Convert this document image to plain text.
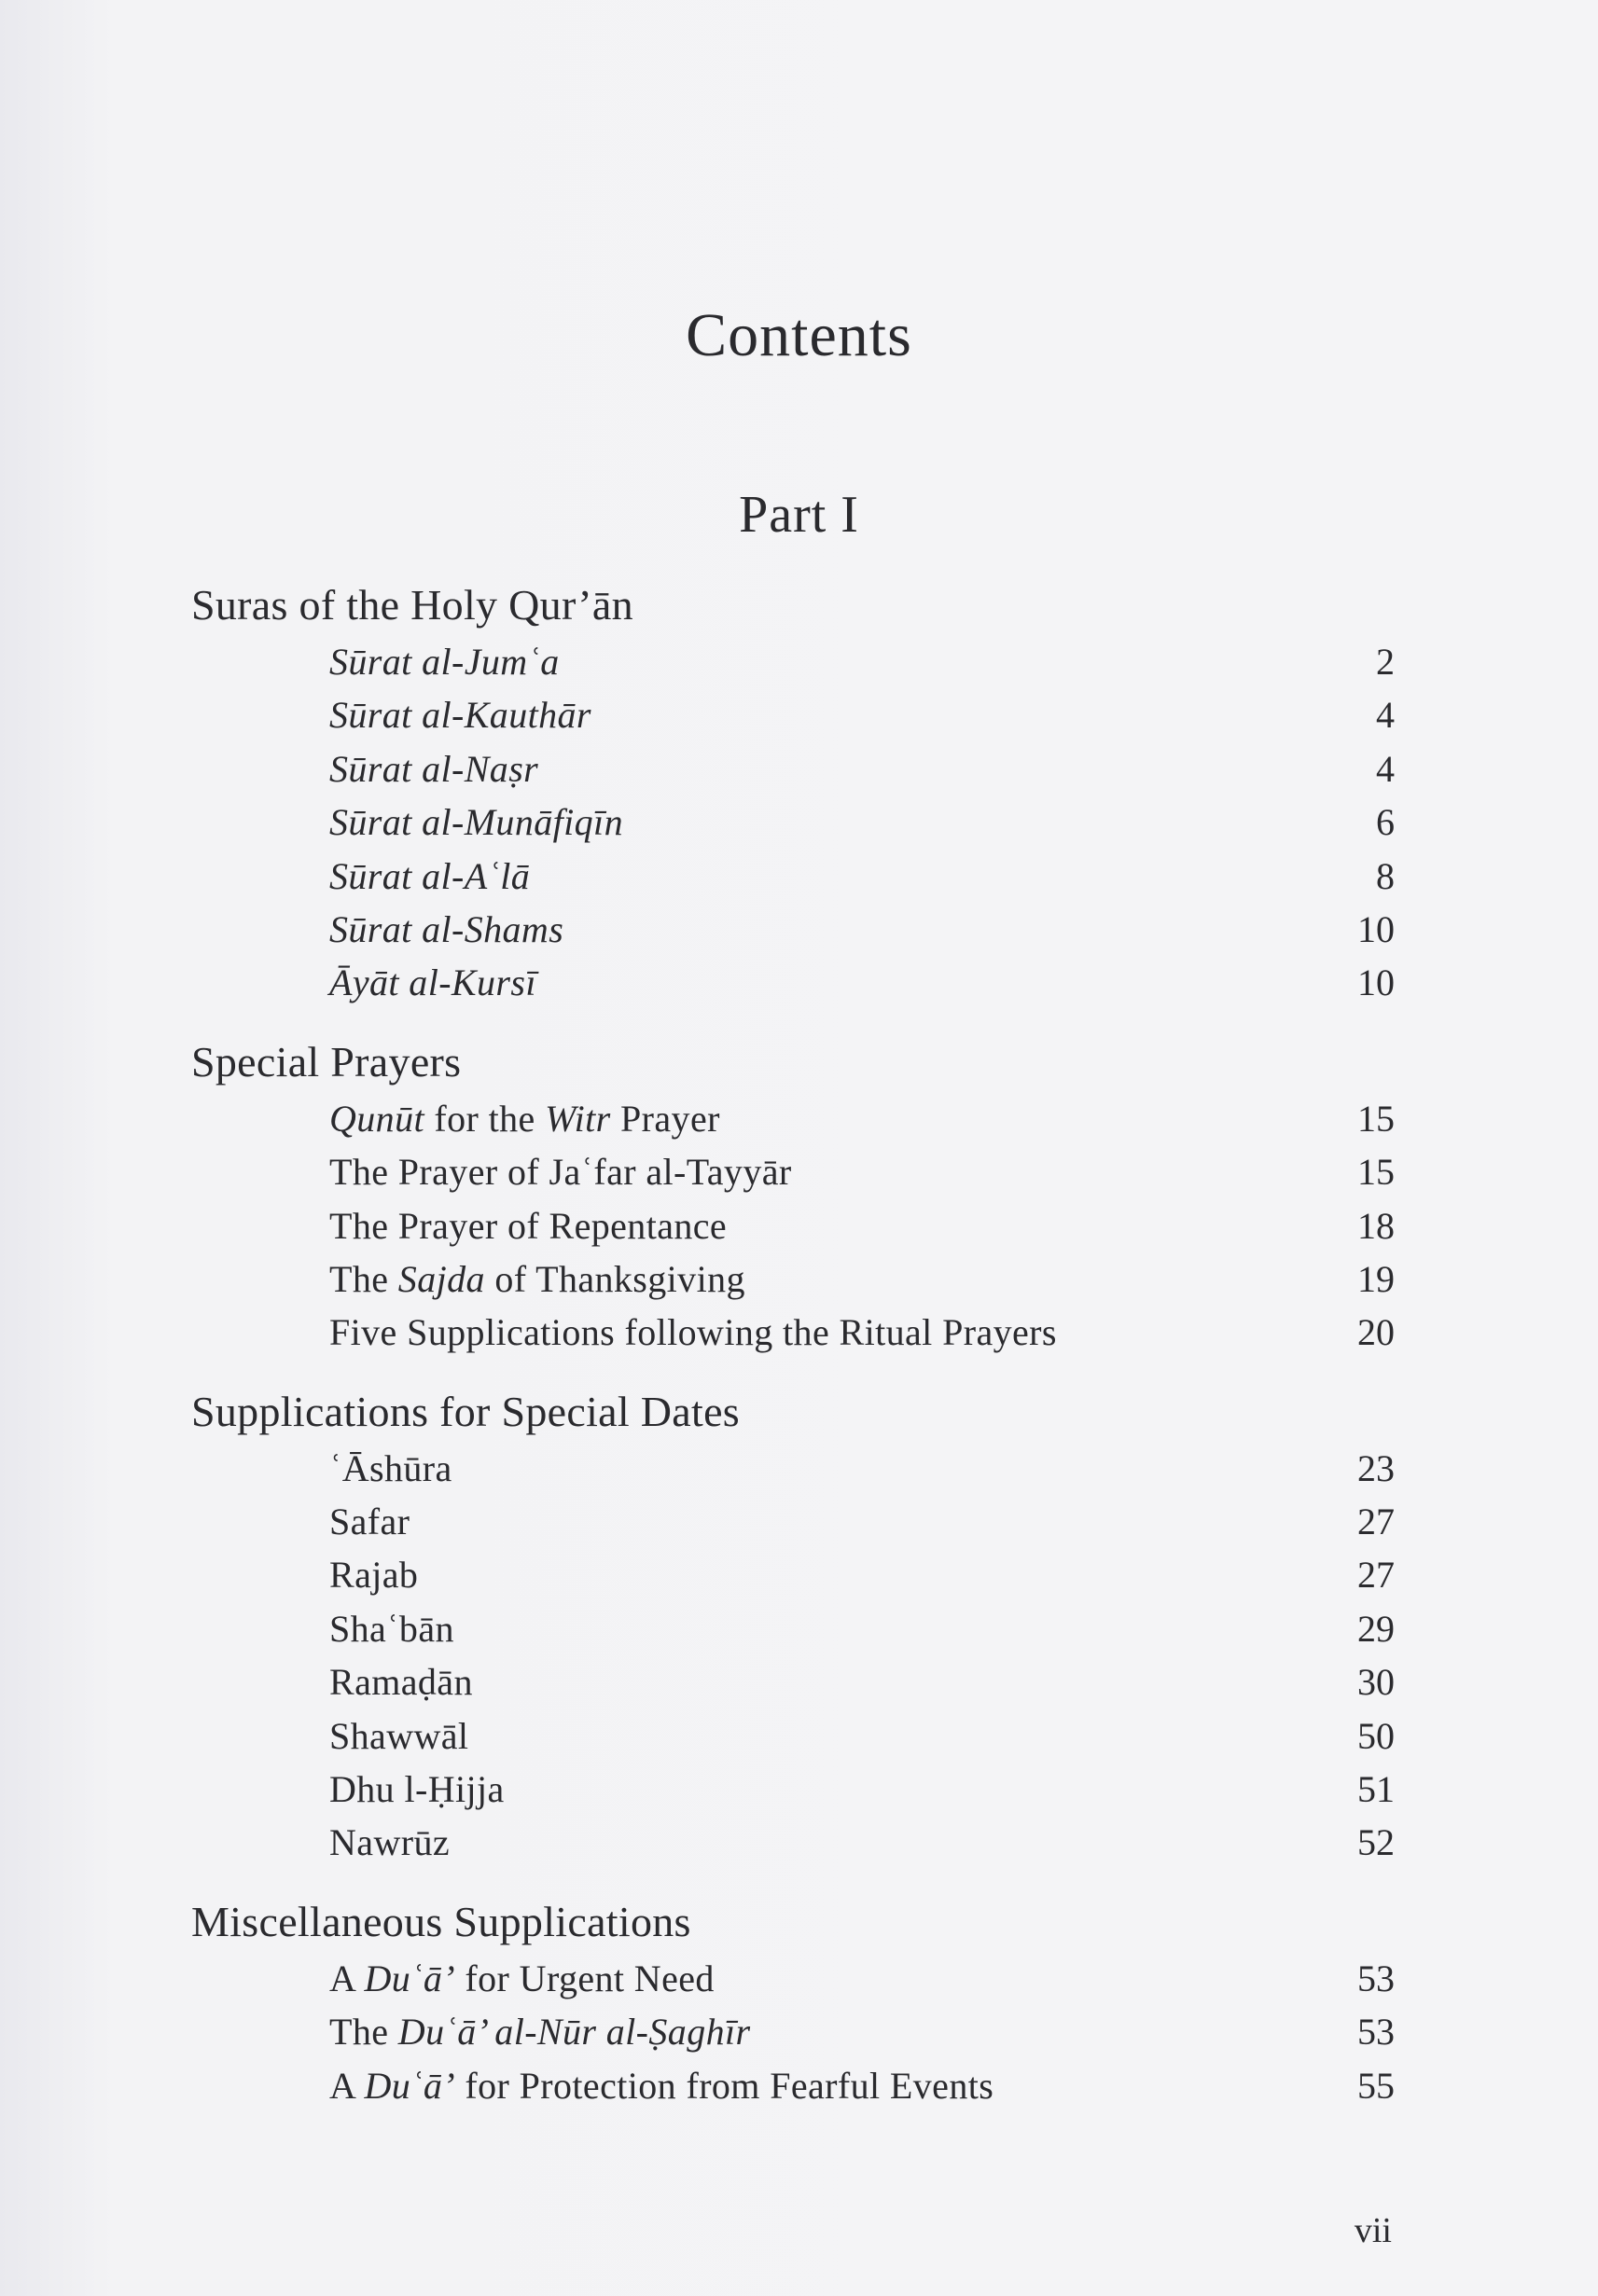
Contents
Part I
Suras of the Holy Qur’ān
Sūrat al-Jumʿa	2
Sūrat al-Kauthār	4
Sūrat al-Naṣr	4
Sūrat al-Munāfiqīn	6
Sūrat al-Aʿlā	8
Sūrat al-Shams	10
Āyāt al-Kursī	10
Special Prayers
Qunūt for the Witr Prayer	15
The Prayer of Jaʿfar al-Tayyār	15
The Prayer of Repentance	18
The Sajda of Thanksgiving	19
Five Supplications following the Ritual Prayers	20
Supplications for Special Dates
ʿĀshūra	23
Safar	27
Rajab	27
Shaʿbān	29
Ramaḍān	30
Shawwāl	50
Dhu l-Ḥijja	51
Nawrūz	52
Miscellaneous Supplications
A Duʿā’ for Urgent Need	53
The Duʿā’ al-Nūr al-Ṣaghīr	53
A Duʿā’ for Protection from Fearful Events	55
vii
